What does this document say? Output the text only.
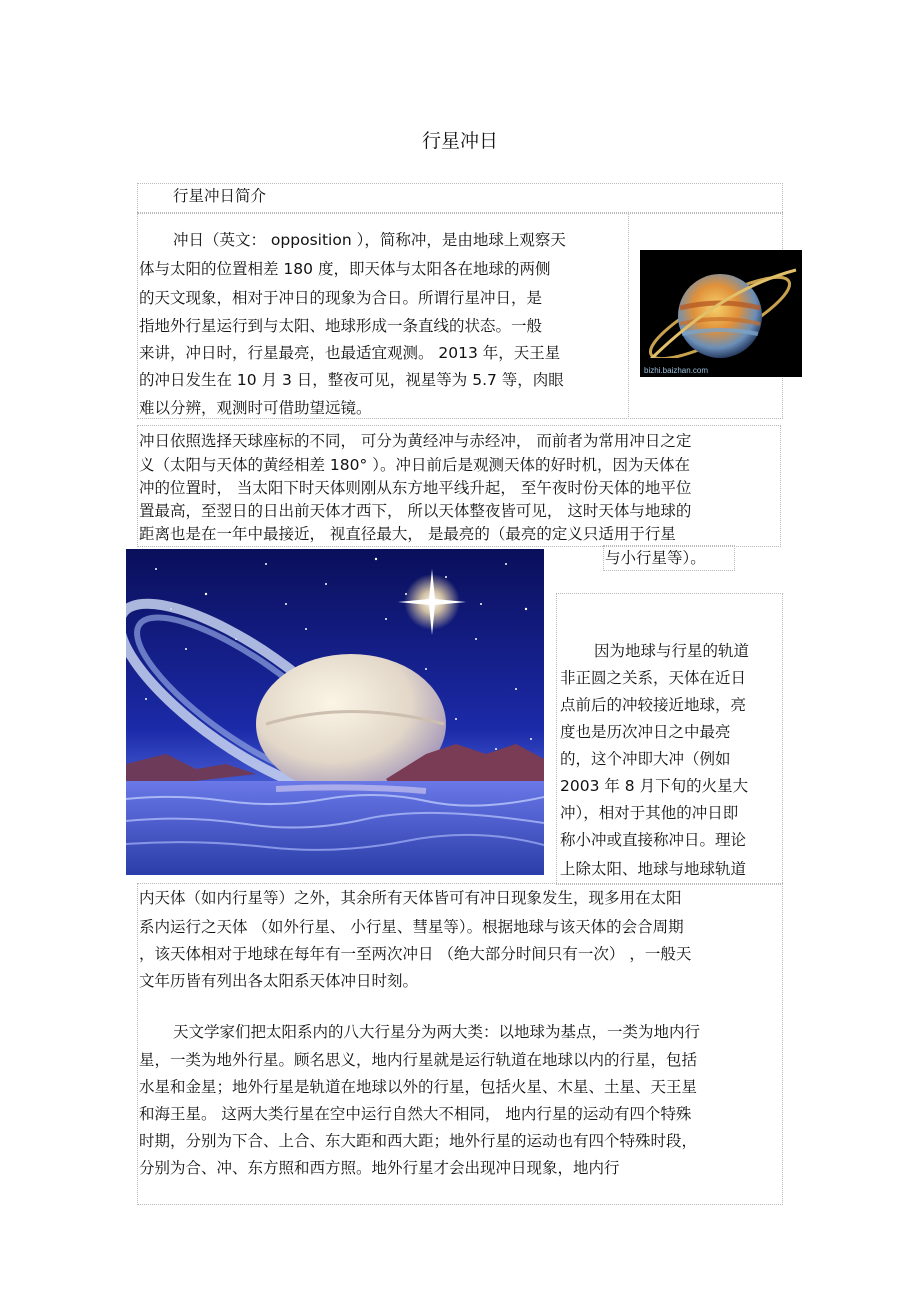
行星冲日
行星冲日简介
冲日（英文： opposition ），简称冲，是由地球上观察天
体与太阳的位置相差 180 度，即天体与太阳各在地球的两侧
的天文现象，相对于冲日的现象为合日。所谓行星冲日，是
指地外行星运行到与太阳、地球形成一条直线的状态。一般
来讲，冲日时，行星最亮，也最适宜观测。 2013 年，天王星
的冲日发生在 10 月 3 日，整夜可见，视星等为 5.7 等，肉眼
难以分辨，观测时可借助望远镜。
bizhi.baizhan.com
冲日依照选择天球座标的不同， 可分为黄经冲与赤经冲， 而前者为常用冲日之定
义（太阳与天体的黄经相差 180° ）。冲日前后是观测天体的好时机，因为天体在
冲的位置时， 当太阳下时天体则刚从东方地平线升起， 至午夜时份天体的地平位
置最高，至翌日的日出前天体才西下， 所以天体整夜皆可见， 这时天体与地球的
距离也是在一年中最接近， 视直径最大， 是最亮的（最亮的定义只适用于行星
与小行星等）。
因为地球与行星的轨道
非正圆之关系，天体在近日
点前后的冲较接近地球，亮
度也是历次冲日之中最亮
的，这个冲即大冲（例如
2003 年 8 月下旬的火星大
冲），相对于其他的冲日即
称小冲或直接称冲日。理论
上除太阳、地球与地球轨道
内天体（如内行星等）之外，其余所有天体皆可有冲日现象发生，现多用在太阳
系内运行之天体 （如外行星、 小行星、彗星等）。根据地球与该天体的会合周期
，该天体相对于地球在每年有一至两次冲日 （绝大部分时间只有一次） ，一般天
文年历皆有列出各太阳系天体冲日时刻。
天文学家们把太阳系内的八大行星分为两大类：以地球为基点，一类为地内行
星，一类为地外行星。顾名思义，地内行星就是运行轨道在地球以内的行星，包括
水星和金星；地外行星是轨道在地球以外的行星，包括火星、木星、土星、天王星
和海王星。 这两大类行星在空中运行自然大不相同， 地内行星的运动有四个特殊
时期，分别为下合、上合、东大距和西大距；地外行星的运动也有四个特殊时段，
分别为合、冲、东方照和西方照。地外行星才会出现冲日现象，地内行
